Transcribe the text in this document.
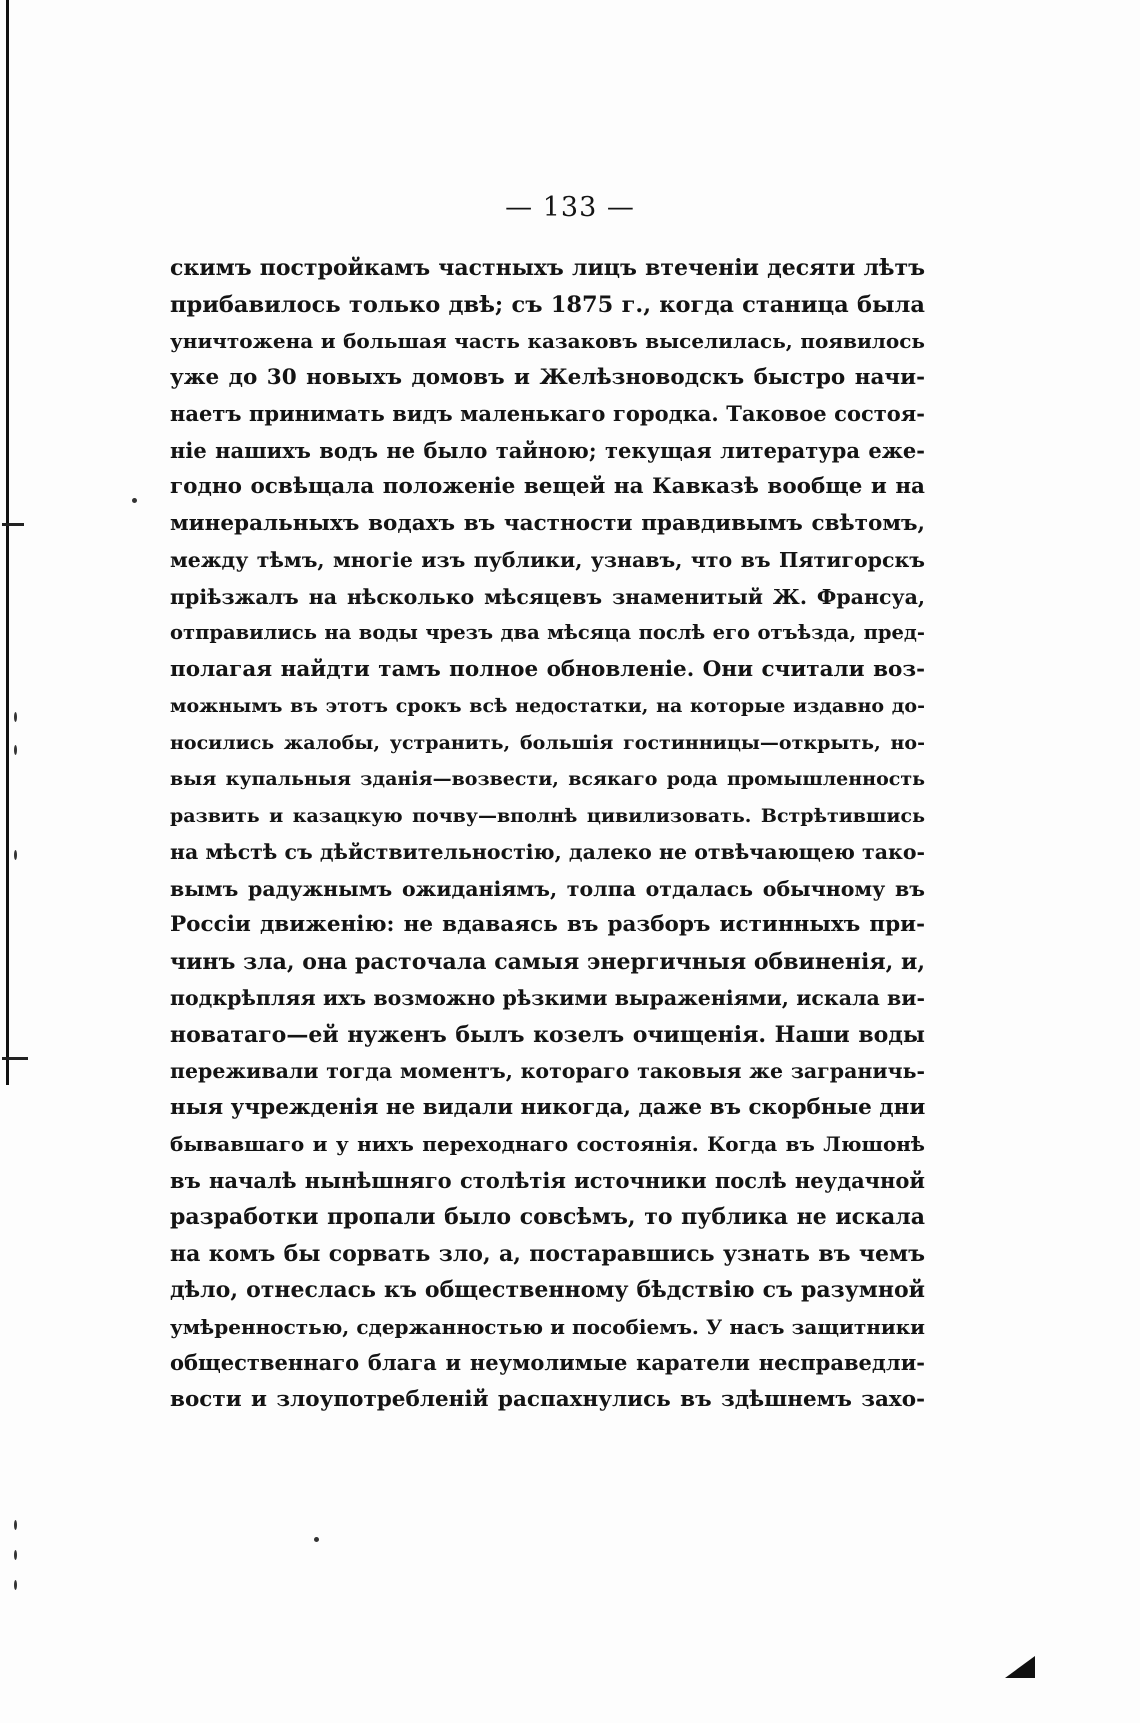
— 133 —
скимъ постройкамъ частныхъ лицъ втеченіи десяти лѣтъ
прибавилось только двѣ; съ 1875 г., когда станица была
уничтожена и большая часть казаковъ выселилась, появилось
уже до 30 новыхъ домовъ и Желѣзноводскъ быстро начи-
наетъ принимать видъ маленькаго городка. Таковое состоя-
ніе нашихъ водъ не было тайною; текущая литература еже-
годно освѣщала положеніе вещей на Кавказѣ вообще и на
минеральныхъ водахъ въ частности правдивымъ свѣтомъ,
между тѣмъ, многіе изъ публики, узнавъ, что въ Пятигорскъ
пріѣзжалъ на нѣсколько мѣсяцевъ знаменитый Ж. Франсуа,
отправились на воды чрезъ два мѣсяца послѣ его отъѣзда, пред-
полагая найдти тамъ полное обновленіе. Они считали воз-
можнымъ въ этотъ срокъ всѣ недостатки, на которые издавно до-
носились жалобы, устранить, большія гостинницы—открыть, но-
выя купальныя зданія—возвести, всякаго рода промышленность
развить и казацкую почву—вполнѣ цивилизовать. Встрѣтившись
на мѣстѣ съ дѣйствительностію, далеко не отвѣчающею тако-
вымъ радужнымъ ожиданіямъ, толпа отдалась обычному въ
Россіи движенію: не вдаваясь въ разборъ истинныхъ при-
чинъ зла, она расточала самыя энергичныя обвиненія, и,
подкрѣпляя ихъ возможно рѣзкими выраженіями, искала ви-
новатаго—ей нуженъ былъ козелъ очищенія. Наши воды
переживали тогда моментъ, котораго таковыя же заграничь-
ныя учрежденія не видали никогда, даже въ скорбные дни
бывавшаго и у нихъ переходнаго состоянія. Когда въ Люшонѣ
въ началѣ нынѣшняго столѣтія источники послѣ неудачной
разработки пропали было совсѣмъ, то публика не искала
на комъ бы сорвать зло, а, постаравшись узнать въ чемъ
дѣло, отнеслась къ общественному бѣдствію съ разумной
умѣренностью, сдержанностью и пособіемъ. У насъ защитники
общественнаго блага и неумолимые каратели несправедли-
вости и злоупотребленій распахнулись въ здѣшнемъ захо-
